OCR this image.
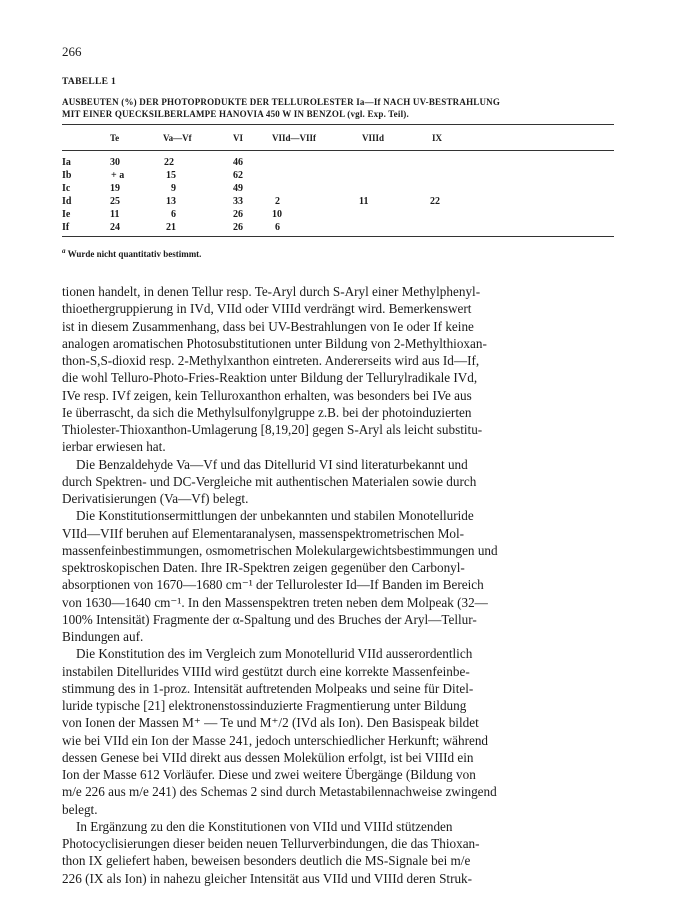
266
TABELLE 1
AUSBEUTEN (%) DER PHOTOPRODUKTE DER TELLUROLESTER Ia—If NACH UV-BESTRAHLUNG
MIT EINER QUECKSILBERLAMPE HANOVIA 450 W IN BENZOL (vgl. Exp. Teil).
Te	Va—Vf	VI	VIId—VIIf	VIIId	IX
Ia	30	22	46
Ib	+ a	15	62
Ic	19	9	49
Id	25	13	33	2	11	22
Ie	11	6	26	10
If	24	21	26	6
$^a$ Wurde nicht quantitativ bestimmt.
tionen handelt, in denen Tellur resp. Te-Aryl durch S-Aryl einer Methylphenyl-
thioethergruppierung in IVd, VIId oder VIIId verdrängt wird. Bemerkenswert
ist in diesem Zusammenhang, dass bei UV-Bestrahlungen von Ie oder If keine
analogen aromatischen Photosubstitutionen unter Bildung von 2-Methylthioxan-
thon-S,S-dioxid resp. 2-Methylxanthon eintreten. Andererseits wird aus Id—If,
die wohl Telluro-Photo-Fries-Reaktion unter Bildung der Tellurylradikale IVd,
IVe resp. IVf zeigen, kein Telluroxanthon erhalten, was besonders bei IVe aus
Ie überrascht, da sich die Methylsulfonylgruppe z.B. bei der photoinduzierten
Thiolester-Thioxanthon-Umlagerung [8,19,20] gegen S-Aryl als leicht substitu-
ierbar erwiesen hat.
Die Benzaldehyde Va—Vf und das Ditellurid VI sind literaturbekannt und
durch Spektren- und DC-Vergleiche mit authentischen Materialen sowie durch
Derivatisierungen (Va—Vf) belegt.
Die Konstitutionsermittlungen der unbekannten und stabilen Monotelluride
VIId—VIIf beruhen auf Elementaranalysen, massenspektrometrischen Mol-
massenfeinbestimmungen, osmometrischen Molekulargewichtsbestimmungen und
spektroskopischen Daten. Ihre IR-Spektren zeigen gegenüber den Carbonyl-
absorptionen von 1670—1680 cm⁻¹ der Tellurolester Id—If Banden im Bereich
von 1630—1640 cm⁻¹. In den Massenspektren treten neben dem Molpeak (32—
100% Intensität) Fragmente der α-Spaltung und des Bruches der Aryl—Tellur-
Bindungen auf.
Die Konstitution des im Vergleich zum Monotellurid VIId ausserordentlich
instabilen Ditellurides VIIId wird gestützt durch eine korrekte Massenfeinbe-
stimmung des in 1-proz. Intensität auftretenden Molpeaks und seine für Ditel-
luride typische [21] elektronenstossinduzierte Fragmentierung unter Bildung
von Ionen der Massen M⁺ — Te und M⁺/2 (IVd als Ion). Den Basispeak bildet
wie bei VIId ein Ion der Masse 241, jedoch unterschiedlicher Herkunft; während
dessen Genese bei VIId direkt aus dessen Molekülion erfolgt, ist bei VIIId ein
Ion der Masse 612 Vorläufer. Diese und zwei weitere Übergänge (Bildung von
m/e 226 aus m/e 241) des Schemas 2 sind durch Metastabilennachweise zwingend
belegt.
In Ergänzung zu den die Konstitutionen von VIId und VIIId stützenden
Photocyclisierungen dieser beiden neuen Tellurverbindungen, die das Thioxan-
thon IX geliefert haben, beweisen besonders deutlich die MS-Signale bei m/e
226 (IX als Ion) in nahezu gleicher Intensität aus VIId und VIIId deren Struk-
